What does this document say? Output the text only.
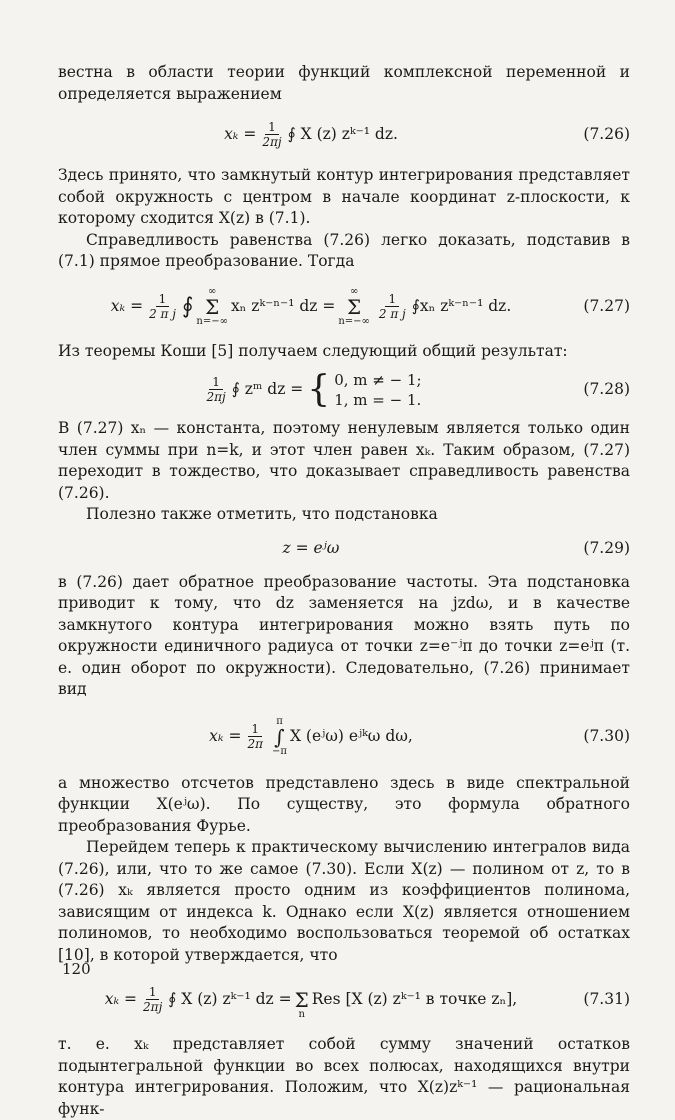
вестна в области теории функций комплексной переменной и определяется выражением

$x_k = \frac{1}{2\pi j}$ ∮ X (z) zᵏ⁻¹ dz.	(7.26)

Здесь принято, что замкнутый контур интегрирования представляет собой окружность с центром в начале координат z-плоскости, к которому сходится X(z) в (7.1).

Справедливость равенства (7.26) легко доказать, подставив в (7.1) прямое преобразование. Тогда

$x_k = \frac{1}{\text{2 π j}}$ ∮
∞
Σ
n=−∞
xₙ zᵏ⁻ⁿ⁻¹ dz =
∞
Σ
n=−∞
$\frac{1}{\text{2 π j}}$ ∮xₙ zᵏ⁻ⁿ⁻¹ dz.	(7.27)

Из теоремы Коши [5] получаем следующий общий результат:

$\frac{1}{2\pi j}$ ∮ zᵐ dz = { 0, m ≠ − 1;
1, m = − 1.
(7.28)

В (7.27) xₙ — константа, поэтому ненулевым является только один член суммы при n=k, и этот член равен xₖ. Таким образом, (7.27) переходит в тождество, что доказывает справедливость равенства (7.26).

Полезно также отметить, что подстановка

z = eʲω	(7.29)

в (7.26) дает обратное преобразование частоты. Эта подстановка приводит к тому, что dz заменяется на jzdω, и в качестве замкнутого контура интегрирования можно взять путь по окружности единичного радиуса от точки z=e⁻ʲπ до точки z=eʲπ (т. е. один оборот по окружности). Следовательно, (7.26) принимает вид

$x_k = \frac{1}{2\pi}$
π
∫
−π
X (eʲω) eʲᵏω dω,	(7.30)

а множество отсчетов представлено здесь в виде спектральной функции X(eʲω). По существу, это формула обратного преобразования Фурье.

Перейдем теперь к практическому вычислению интегралов вида (7.26), или, что то же самое (7.30). Если X(z) — полином от z, то в (7.26) xₖ является просто одним из коэффициентов полинома, зависящим от индекса k. Однако если X(z) является отношением полиномов, то необходимо воспользоваться теоремой об остатках [10], в которой утверждается, что

$x_k = \frac{1}{2\pi j}$ ∮ X (z) zᵏ⁻¹ dz =
Σ
n
Res [X (z) zᵏ⁻¹ в точке zₙ],	(7.31)

т. е. xₖ представляет собой сумму значений остатков подынтегральной функции во всех полюсах, находящихся внутри контура интегрирования. Положим, что X(z)zᵏ⁻¹ — рациональная функ-

120
